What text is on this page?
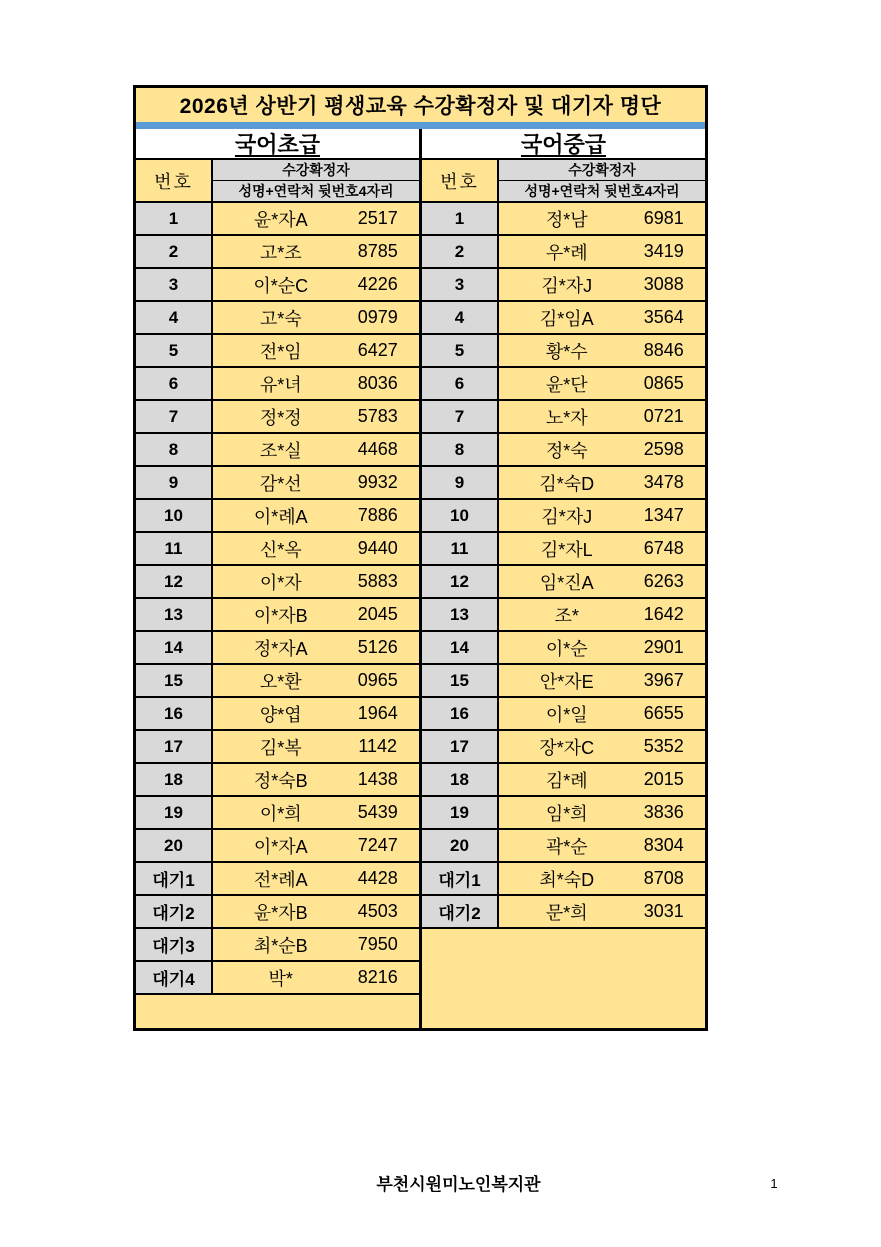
2026년 상반기 평생교육 수강확정자 및 대기자 명단
국어초급
번호
수강확정자
성명+연락처 뒷번호4자리
1	윤*자A	2517
2	고*조	8785
3	이*순C	4226
4	고*숙	0979
5	전*임	6427
6	유*녀	8036
7	정*정	5783
8	조*실	4468
9	감*선	9932
10	이*례A	7886
11	신*옥	9440
12	이*자	5883
13	이*자B	2045
14	정*자A	5126
15	오*환	0965
16	양*엽	1964
17	김*복	1142
18	정*숙B	1438
19	이*희	5439
20	이*자A	7247
대기1	전*례A	4428
대기2	윤*자B	4503
대기3	최*순B	7950
대기4	박*	8216
국어중급
번호
수강확정자
성명+연락처 뒷번호4자리
1	정*남	6981
2	우*례	3419
3	김*자J	3088
4	김*임A	3564
5	황*수	8846
6	윤*단	0865
7	노*자	0721
8	정*숙	2598
9	김*숙D	3478
10	김*자J	1347
11	김*자L	6748
12	임*진A	6263
13	조*	1642
14	이*순	2901
15	안*자E	3967
16	이*일	6655
17	장*자C	5352
18	김*례	2015
19	임*희	3836
20	곽*순	8304
대기1	최*숙D	8708
대기2	문*희	3031
부천시원미노인복지관	1
